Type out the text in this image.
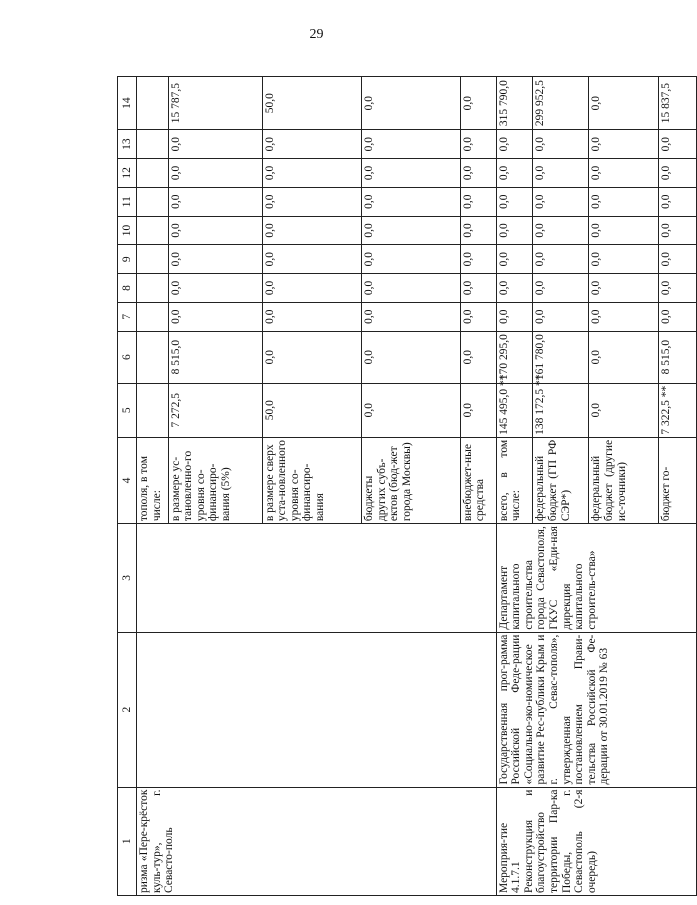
29
1	2	3	4	5	6	7	8	9	10	11	12	13	14
ризма «Пере-крёсток куль-тур», г. Севасто-поль			тополя, в том числе:										
			в размере ус-тановленно-го уровня со-финансиро-вания (5%)	7 272,5	8 515,0	0,0	0,0	0,0	0,0	0,0	0,0	0,0	15 787,5
			в размере сверх уста-новленного уровня со-финансиро-вания	50,0	0,0	0,0	0,0	0,0	0,0	0,0	0,0	0,0	50,0
			бюджеты других субъ-ектов (бюд-жет города Москвы)	0,0	0,0	0,0	0,0	0,0	0,0	0,0	0,0	0,0	0,0
			внебюджет-ные средства	0,0	0,0	0,0	0,0	0,0	0,0	0,0	0,0	0,0	0,0
Мероприя-тие 4.1.7.1 Реконструкция и благоустройство территории Пар-ка Победы, г. Севастополь (2-я очередь)	Государственная прог-рамма Российской Феде-рации «Социально-эко-номическое развитие Рес-публики Крым и г. Севас-тополя», утвержденная постановлением Прави-тельства Российской Фе-дерации от 30.01.2019 № 63	Департамент капитального строительства города Севастополя, ГКУС «Еди-ная дирекция капитального строитель-ства»	всего, в том числе:	145 495,0 **	170 295,0	0,0	0,0	0,0	0,0	0,0	0,0	0,0	315 790,0
			федеральный бюджет (ГП РФ СЭР*)	138 172,5 **	161 780,0	0,0	0,0	0,0	0,0	0,0	0,0	0,0	299 952,5
			федеральный бюджет (другие ис-точники)	0,0	0,0	0,0	0,0	0,0	0,0	0,0	0,0	0,0	0,0
			бюджет го-	7 322,5 **	8 515,0	0,0	0,0	0,0	0,0	0,0	0,0	0,0	15 837,5
